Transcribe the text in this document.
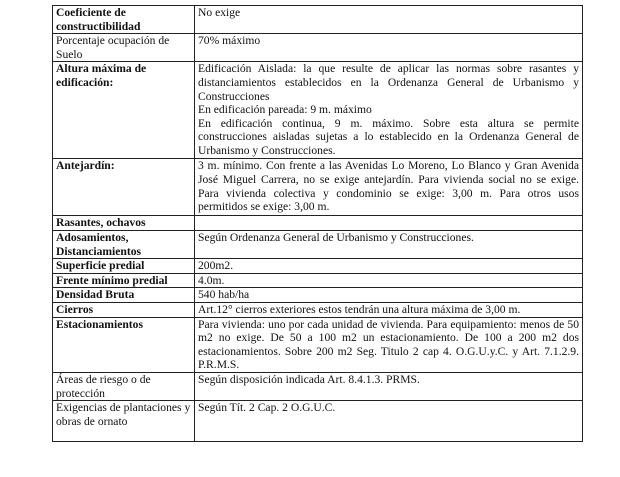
Coeficiente de constructibilidad	No exige

Porcentaje ocupación de Suelo	70% máximo

Altura máxima de edificación:	Edificación Aislada: la que resulte de aplicar las normas sobre rasantes y distanciamientos establecidos en la Ordenanza General de Urbanismo y Construcciones
En edificación pareada: 9 m. máximo
En edificación continua, 9 m. máximo. Sobre esta altura se permite construcciones aisladas sujetas a lo establecido en la Ordenanza General de Urbanismo y Construcciones.

Antejardín:	3 m. mínimo. Con frente a las Avenidas Lo Moreno, Lo Blanco y Gran Avenida José Miguel Carrera, no se exige antejardín. Para vivienda social no se exige. Para vivienda colectiva y condominio se exige: 3,00 m. Para otros usos permitidos se exige: 3,00 m.

Rasantes, ochavos	

Adosamientos, Distanciamientos	Según Ordenanza General de Urbanismo y Construcciones.

Superficie predial	200m2.

Frente mínimo predial	4.0m.

Densidad Bruta	540 hab/ha

Cierros	Art.12° cierros exteriores estos tendrán una altura máxima de 3,00 m.

Estacionamientos	Para vivienda: uno por cada unidad de vivienda. Para equipamiento: menos de 50 m2 no exige. De 50 a 100 m2 un estacionamiento. De 100 a 200 m2 dos estacionamientos. Sobre 200 m2 Seg. Titulo 2 cap 4. O.G.U.y.C. y Art. 7.1.2.9. P.R.M.S.

Áreas de riesgo o de protección	Según disposición indicada Art. 8.4.1.3. PRMS.

Exigencias de plantaciones y obras de ornato	Según Tít. 2 Cap. 2 O.G.U.C.
